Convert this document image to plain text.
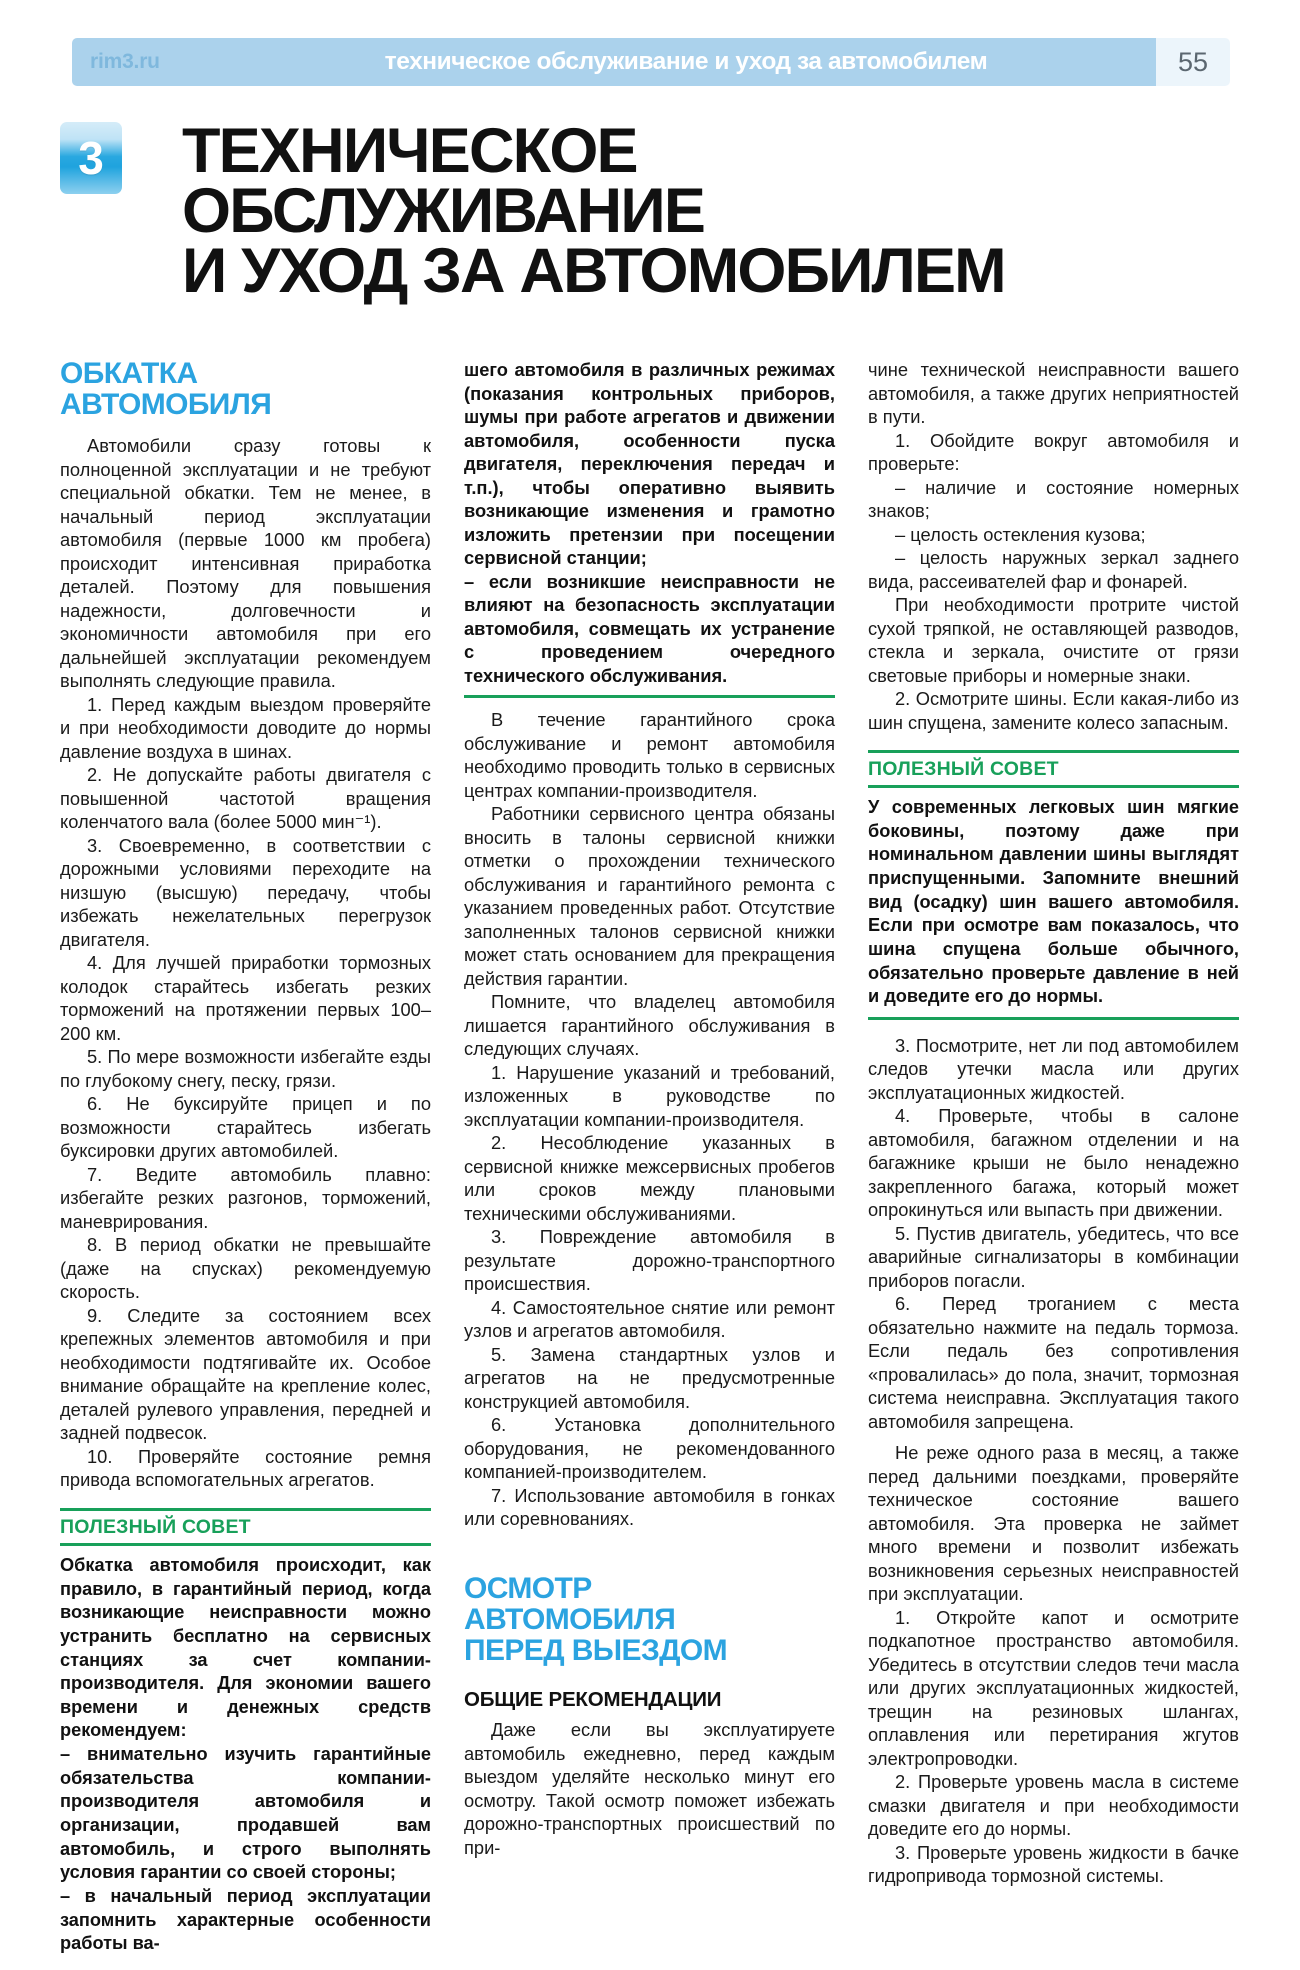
rim3.ru	техническое обслуживание и уход за автомобилем	55
3 ТЕХНИЧЕСКОЕ
ОБСЛУЖИВАНИЕ
И УХОД ЗА АВТОМОБИЛЕМ
ОБКАТКА
АВТОМОБИЛЯ

Автомобили сразу готовы к полноценной эксплуатации и не требуют специальной обкатки. Тем не менее, в начальный период эксплуатации автомобиля (первые 1000 км пробега) происходит интенсивная приработка деталей. Поэтому для повышения надежности, долговечности и экономичности автомобиля при его дальнейшей эксплуатации рекомендуем выполнять следующие правила.

1. Перед каждым выездом проверяйте и при необходимости доводите до нормы давление воздуха в шинах.

2. Не допускайте работы двигателя с повышенной частотой вращения коленчатого вала (более 5000 мин⁻¹).

3. Своевременно, в соответствии с дорожными условиями переходите на низшую (высшую) передачу, чтобы избежать нежелательных перегрузок двигателя.

4. Для лучшей приработки тормозных колодок старайтесь избегать резких торможений на протяжении первых 100–200 км.

5. По мере возможности избегайте езды по глубокому снегу, песку, грязи.

6. Не буксируйте прицеп и по возможности старайтесь избегать буксировки других автомобилей.

7. Ведите автомобиль плавно: избегайте резких разгонов, торможений, маневрирования.

8. В период обкатки не превышайте (даже на спусках) рекомендуемую скорость.

9. Следите за состоянием всех крепежных элементов автомобиля и при необходимости подтягивайте их. Особое внимание обращайте на крепление колес, деталей рулевого управления, передней и задней подвесок.

10. Проверяйте состояние ремня привода вспомогательных агрегатов.

ПОЛЕЗНЫЙ СОВЕТ

Обкатка автомобиля происходит, как правило, в гарантийный период, когда возникающие неисправности можно устранить бесплатно на сервисных станциях за счет компании-производителя. Для экономии вашего времени и денежных средств рекомендуем:

– внимательно изучить гарантийные обязательства компании-производителя автомобиля и организации, продавшей вам автомобиль, и строго выполнять условия гарантии со своей стороны;

– в начальный период эксплуатации запомнить характерные особенности работы ва-

шего автомобиля в различных режимах (показания контрольных приборов, шумы при работе агрегатов и движении автомобиля, особенности пуска двигателя, переключения передач и т.п.), чтобы оперативно выявить возникающие изменения и грамотно изложить претензии при посещении сервисной станции;

– если возникшие неисправности не влияют на безопасность эксплуатации автомобиля, совмещать их устранение с проведением очередного технического обслуживания.

В течение гарантийного срока обслуживание и ремонт автомобиля необходимо проводить только в сервисных центрах компании-производителя.

Работники сервисного центра обязаны вносить в талоны сервисной книжки отметки о прохождении технического обслуживания и гарантийного ремонта с указанием проведенных работ. Отсутствие заполненных талонов сервисной книжки может стать основанием для прекращения действия гарантии.

Помните, что владелец автомобиля лишается гарантийного обслуживания в следующих случаях.

1. Нарушение указаний и требований, изложенных в руководстве по эксплуатации компании-производителя.

2. Несоблюдение указанных в сервисной книжке межсервисных пробегов или сроков между плановыми техническими обслуживаниями.

3. Повреждение автомобиля в результате дорожно-транспортного происшествия.

4. Самостоятельное снятие или ремонт узлов и агрегатов автомобиля.

5. Замена стандартных узлов и агрегатов на не предусмотренные конструкцией автомобиля.

6. Установка дополнительного оборудования, не рекомендованного компанией-производителем.

7. Использование автомобиля в гонках или соревнованиях.

ОСМОТР
АВТОМОБИЛЯ
ПЕРЕД ВЫЕЗДОМ
ОБЩИЕ РЕКОМЕНДАЦИИ

Даже если вы эксплуатируете автомобиль ежедневно, перед каждым выездом уделяйте несколько минут его осмотру. Такой осмотр поможет избежать дорожно-транспортных происшествий по при-

чине технической неисправности вашего автомобиля, а также других неприятностей в пути.

1. Обойдите вокруг автомобиля и проверьте:

– наличие и состояние номерных знаков;

– целость остекления кузова;

– целость наружных зеркал заднего вида, рассеивателей фар и фонарей.

При необходимости протрите чистой сухой тряпкой, не оставляющей разводов, стекла и зеркала, очистите от грязи световые приборы и номерные знаки.

2. Осмотрите шины. Если какая-либо из шин спущена, замените колесо запасным.

ПОЛЕЗНЫЙ СОВЕТ

У современных легковых шин мягкие боковины, поэтому даже при номинальном давлении шины выглядят приспущенными. Запомните внешний вид (осадку) шин вашего автомобиля. Если при осмотре вам показалось, что шина спущена больше обычного, обязательно проверьте давление в ней и доведите его до нормы.

3. Посмотрите, нет ли под автомобилем следов утечки масла или других эксплуатационных жидкостей.

4. Проверьте, чтобы в салоне автомобиля, багажном отделении и на багажнике крыши не было ненадежно закрепленного багажа, который может опрокинуться или выпасть при движении.

5. Пустив двигатель, убедитесь, что все аварийные сигнализаторы в комбинации приборов погасли.

6. Перед троганием с места обязательно нажмите на педаль тормоза. Если педаль без сопротивления «провалилась» до пола, значит, тормозная система неисправна. Эксплуатация такого автомобиля запрещена.

Не реже одного раза в месяц, а также перед дальними поездками, проверяйте техническое состояние вашего автомобиля. Эта проверка не займет много времени и позволит избежать возникновения серьезных неисправностей при эксплуатации.

1. Откройте капот и осмотрите подкапотное пространство автомобиля. Убедитесь в отсутствии следов течи масла или других эксплуатационных жидкостей, трещин на резиновых шлангах, оплавления или перетирания жгутов электропроводки.

2. Проверьте уровень масла в системе смазки двигателя и при необходимости доведите его до нормы.

3. Проверьте уровень жидкости в бачке гидропривода тормозной системы.
